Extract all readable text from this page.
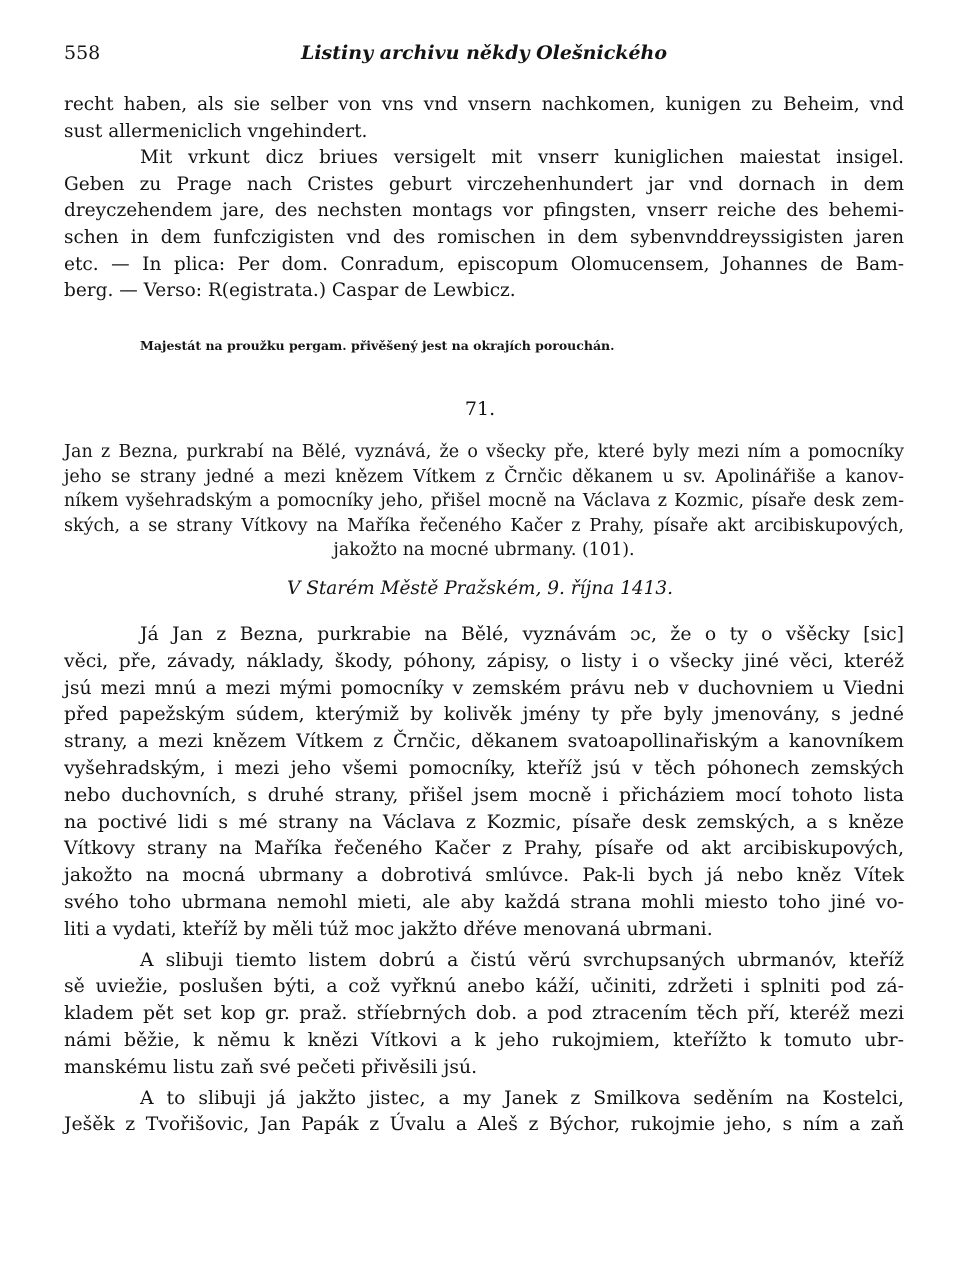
558	Listiny archivu někdy Olešnického
recht haben, als sie selber von vns vnd vnsern nachkomen, kunigen zu Beheim, vnd
sust allermeniclich vngehindert.
Mit vrkunt dicz briues versigelt mit vnserr kuniglichen maiestat insigel.
Geben zu Prage nach Cristes geburt virczehenhundert jar vnd dornach in dem
dreyczehendem jare, des nechsten montags vor pfingsten, vnserr reiche des behemi-
schen in dem funfczigisten vnd des romischen in dem sybenvnddreyssigisten jaren
etc. — In plica: Per dom. Conradum, episcopum Olomucensem, Johannes de Bam-
berg. — Verso: R(egistrata.) Caspar de Lewbicz.
Majestát na proužku pergam. přivěšený jest na okrajích porouchán.
71.
Jan z Bezna, purkrabí na Bělé, vyznává, že o všecky pře, které byly mezi ním a pomocníky
jeho se strany jedné a mezi knězem Vítkem z Črnčic děkanem u sv. Apolinářiše a kanov-
níkem vyšehradským a pomocníky jeho, přišel mocně na Václava z Kozmic, písaře desk zem-
ských, a se strany Vítkovy na Maříka řečeného Kačer z Prahy, písaře akt arcibiskupových,
jakožto na mocné ubrmany. (101).
V Starém Městě Pražském, 9. října 1413.

Já Jan z Bezna, purkrabie na Bělé, vyznávám ɔc, že o ty o všěcky [sic]
věci, pře, závady, náklady, škody, póhony, zápisy, o listy i o všecky jiné věci, kteréž
jsú mezi mnú a mezi mými pomocníky v zemském právu neb v duchovniem u Viedni
před papežským súdem, kterýmiž by kolivěk jmény ty pře byly jmenovány, s jedné
strany, a mezi knězem Vítkem z Črnčic, děkanem svatoapollinařiským a kanovníkem
vyšehradským, i mezi jeho všemi pomocníky, kteříž jsú v těch póhonech zemských
nebo duchovních, s druhé strany, přišel jsem mocně i přicháziem mocí tohoto lista
na poctivé lidi s mé strany na Václava z Kozmic, písaře desk zemských, a s kněze
Vítkovy strany na Maříka řečeného Kačer z Prahy, písaře od akt arcibiskupových,
jakožto na mocná ubrmany a dobrotivá smlúvce. Pak-li bych já nebo kněz Vítek
svého toho ubrmana nemohl mieti, ale aby každá strana mohli miesto toho jiné vo-
liti a vydati, kteříž by měli túž moc jakžto dřéve menovaná ubrmani.

A slibuji tiemto listem dobrú a čistú věrú svrchupsaných ubrmanóv, kteříž
sě uviežie, poslušen býti, a což vyřknú anebo káží, učiniti, zdržeti i splniti pod zá-
kladem pět set kop gr. praž. stříebrných dob. a pod ztracením těch pří, kteréž mezi
námi běžie, k němu k knězi Vítkovi a k jeho rukojmiem, kteřížto k tomuto ubr-
manskému listu zaň své pečeti přivěsili jsú.

A to slibuji já jakžto jistec, a my Janek z Smilkova seděním na Kostelci,
Ješěk z Tvořišovic, Jan Papák z Úvalu a Aleš z Býchor, rukojmie jeho, s ním a zaň
